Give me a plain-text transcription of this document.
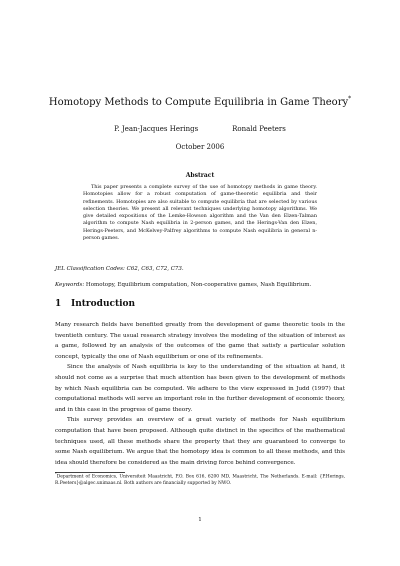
Homotopy Methods to Compute Equilibria in Game Theory*
P. Jean-Jacques Herings	Ronald Peeters
October 2006
Abstract
This paper presents a complete survey of the use of homotopy methods in game theory. Homotopies allow for a robust computation of game-theoretic equilibria and their refinements. Homotopies are also suitable to compute equilibria that are selected by various selection theories. We present all relevant techniques underlying homotopy algorithms. We give detailed expositions of the Lemke-Howson algorithm and the Van den Elzen-Talman algorithm to compute Nash equilibria in 2-person games, and the Herings-Van den Elzen, Herings-Peeters, and McKelvey-Palfrey algorithms to compute Nash equilibria in general n-person games.
JEL Classification Codes: C62, C63, C72, C73.
Keywords: Homotopy, Equilibrium computation, Non-cooperative games, Nash Equilibrium.
1 Introduction

Many research fields have benefited greatly from the development of game theoretic tools in the twentieth century. The usual research strategy involves the modeling of the situation of interest as a game, followed by an analysis of the outcomes of the game that satisfy a particular solution concept, typically the one of Nash equilibrium or one of its refinements.

Since the analysis of Nash equilibria is key to the understanding of the situation at hand, it should not come as a surprise that much attention has been given to the development of methods by which Nash equilibria can be computed. We adhere to the view expressed in Judd (1997) that computational methods will serve an important role in the further development of economic theory, and in this case in the progress of game theory.

This survey provides an overview of a great variety of methods for Nash equilibrium computation that have been proposed. Although quite distinct in the specifics of the mathematical techniques used, all these methods share the property that they are guaranteed to converge to some Nash equilibrium. We argue that the homotopy idea is common to all these methods, and this idea should therefore be considered as the main driving force behind convergence.

*Department of Economics, Universiteit Maastricht, P.O. Box 616, 6200 MD, Maastricht, The Netherlands. E-mail: {P.Herings, R.Peeters}@algec.unimaas.nl. Both authors are financially supported by NWO.
1
